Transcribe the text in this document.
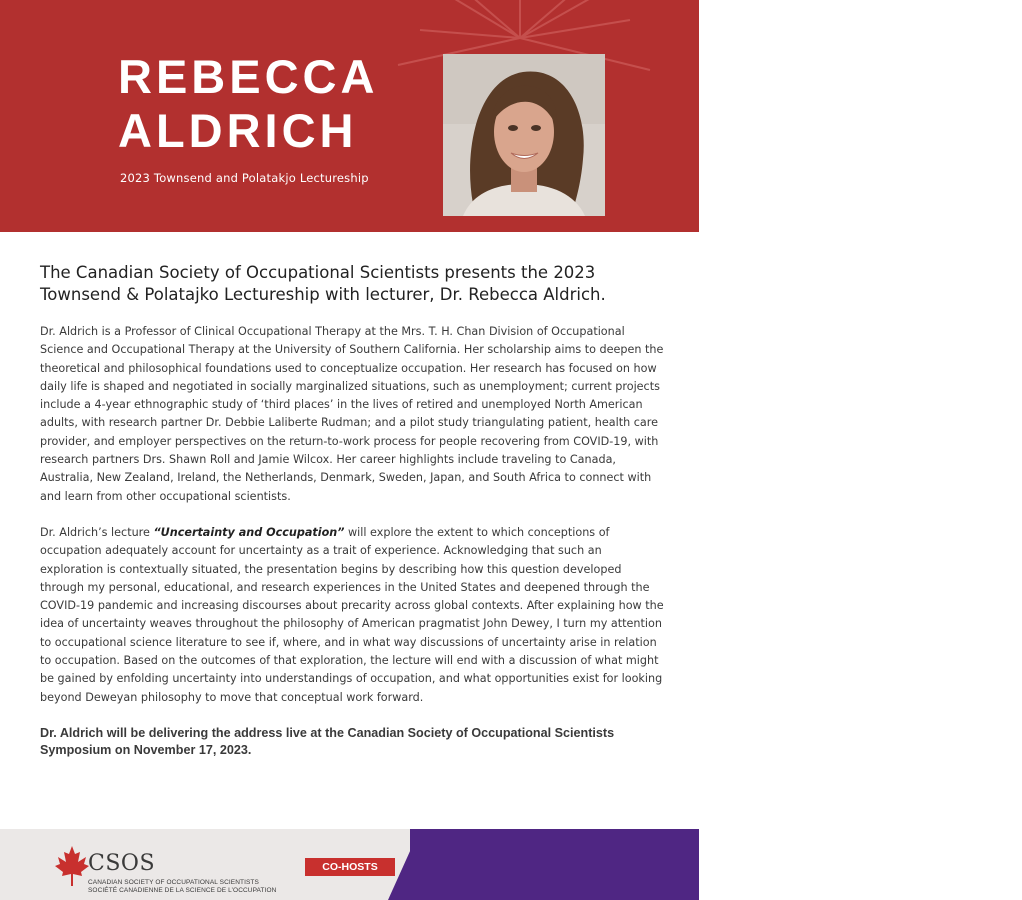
REBECCA
ALDRICH
2023 Townsend and Polatakjo Lectureship

The Canadian Society of Occupational Scientists presents the 2023 Townsend & Polatajko Lectureship with lecturer, Dr. Rebecca Aldrich.

Dr. Aldrich is a Professor of Clinical Occupational Therapy at the Mrs. T. H. Chan Division of Occupational Science and Occupational Therapy at the University of Southern California. Her scholarship aims to deepen the theoretical and philosophical foundations used to conceptualize occupation. Her research has focused on how daily life is shaped and negotiated in socially marginalized situations, such as unemployment; current projects include a 4-year ethnographic study of ‘third places’ in the lives of retired and unemployed North American adults, with research partner Dr. Debbie Laliberte Rudman; and a pilot study triangulating patient, health care provider, and employer perspectives on the return-to-work process for people recovering from COVID-19, with research partners Drs. Shawn Roll and Jamie Wilcox. Her career highlights include traveling to Canada, Australia, New Zealand, Ireland, the Netherlands, Denmark, Sweden, Japan, and South Africa to connect with and learn from other occupational scientists.

Dr. Aldrich’s lecture “Uncertainty and Occupation” will explore the extent to which conceptions of occupation adequately account for uncertainty as a trait of experience. Acknowledging that such an exploration is contextually situated, the presentation begins by describing how this question developed through my personal, educational, and research experiences in the United States and deepened through the COVID-19 pandemic and increasing discourses about precarity across global contexts. After explaining how the idea of uncertainty weaves throughout the philosophy of American pragmatist John Dewey, I turn my attention to occupational science literature to see if, where, and in what way discussions of uncertainty arise in relation to occupation. Based on the outcomes of that exploration, the lecture will end with a discussion of what might be gained by enfolding uncertainty into understandings of occupation, and what opportunities exist for looking beyond Deweyan philosophy to move that conceptual work forward.

Dr. Aldrich will be delivering the address live at the Canadian Society of Occupational Scientists Symposium on November 17, 2023.

Western
CSOS
CANADIAN SOCIETY OF OCCUPATIONAL SCIENTISTS
SOCIÉTÉ CANADIENNE DE LA SCIENCE DE L’OCCUPATION
CO-HOSTS
